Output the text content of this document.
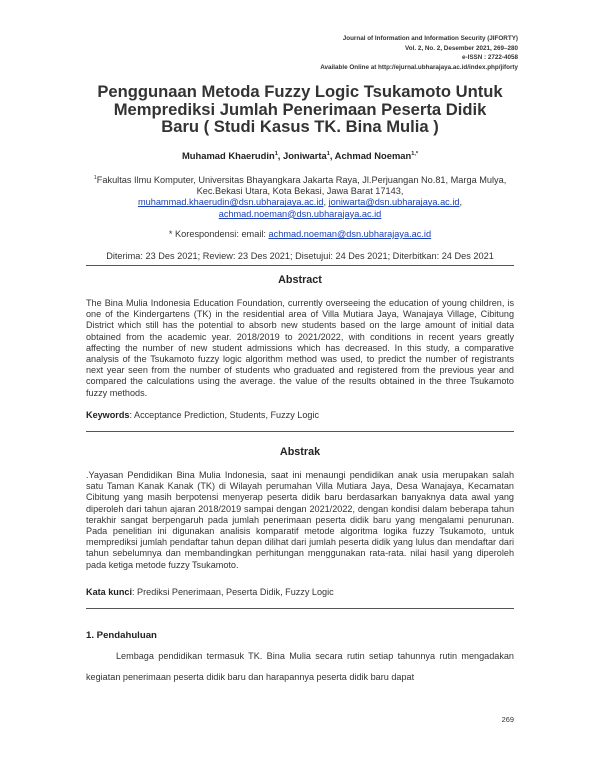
Journal of Information and Information Security (JIFORTY)
Vol. 2, No. 2, Desember 2021, 269–280
e-ISSN : 2722-4058
Available Online at http://ejurnal.ubharajaya.ac.id/index.php/jiforty
Penggunaan Metoda Fuzzy Logic Tsukamoto Untuk Memprediksi Jumlah Penerimaan Peserta Didik Baru ( Studi Kasus TK. Bina Mulia )
Muhamad Khaerudin$^1$, Joniwarta$^1$, Achmad Noeman$^{1,*}$
$^1$Fakultas Ilmu Komputer, Universitas Bhayangkara Jakarta Raya, Jl.Perjuangan No.81, Marga Mulya, Kec.Bekasi Utara, Kota Bekasi, Jawa Barat 17143,
muhammad.khaerudin@dsn.ubharajaya.ac.id, joniwarta@dsn.ubharajaya.ac.id,
achmad.noeman@dsn.ubharajaya.ac.id
* Korespondensi: email: achmad.noeman@dsn.ubharajaya.ac.id
Diterima: 23 Des 2021; Review: 23 Des 2021; Disetujui: 24 Des 2021; Diterbitkan: 24 Des 2021
Abstract
The Bina Mulia Indonesia Education Foundation, currently overseeing the education of young children, is one of the Kindergartens (TK) in the residential area of Villa Mutiara Jaya, Wanajaya Village, Cibitung District which still has the potential to absorb new students based on the large amount of initial data obtained from the academic year. 2018/2019 to 2021/2022, with conditions in recent years greatly affecting the number of new student admissions which has decreased. In this study, a comparative analysis of the Tsukamoto fuzzy logic algorithm method was used, to predict the number of registrants next year seen from the number of students who graduated and registered from the previous year and compared the calculations using the average. the value of the results obtained in the three Tsukamoto fuzzy methods.
Keywords: Acceptance Prediction, Students, Fuzzy Logic
Abstrak
.Yayasan Pendidikan Bina Mulia Indonesia, saat ini menaungi pendidikan anak usia merupakan salah satu Taman Kanak Kanak (TK) di Wilayah perumahan Villa Mutiara Jaya, Desa Wanajaya, Kecamatan Cibitung yang masih berpotensi menyerap peserta didik baru berdasarkan banyaknya data awal yang diperoleh dari tahun ajaran 2018/2019 sampai dengan 2021/2022, dengan kondisi dalam beberapa tahun terakhir sangat berpengaruh pada jumlah penerimaan peserta didik baru yang mengalami penurunan. Pada penelitian ini digunakan analisis komparatif metode algoritma logika fuzzy Tsukamoto, untuk memprediksi jumlah pendaftar tahun depan dilihat dari jumlah peserta didik yang lulus dan mendaftar dari tahun sebelumnya dan membandingkan perhitungan menggunakan rata-rata. nilai hasil yang diperoleh pada ketiga metode fuzzy Tsukamoto.
Kata kunci: Prediksi Penerimaan, Peserta Didik, Fuzzy Logic
1. Pendahuluan
Lembaga pendidikan termasuk TK. Bina Mulia secara rutin setiap tahunnya rutin mengadakan kegiatan penerimaan peserta didik baru dan harapannya peserta didik baru dapat
269
